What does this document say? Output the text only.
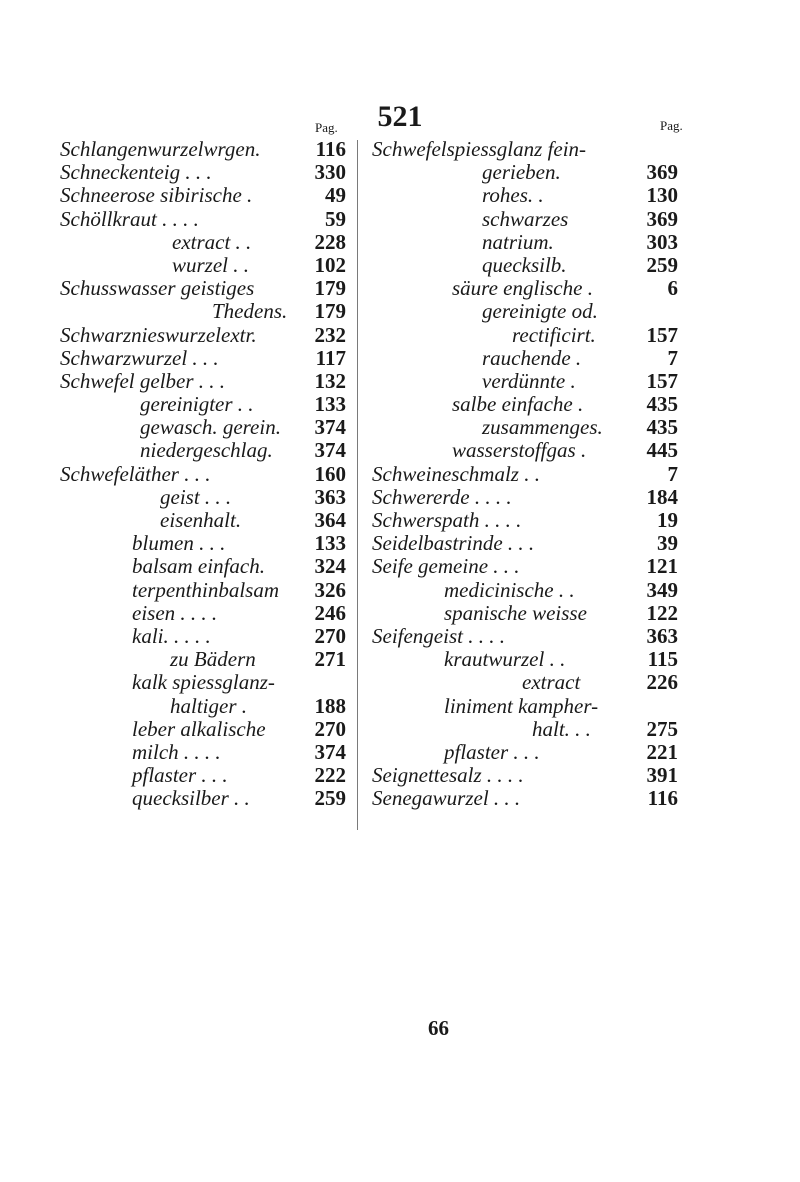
521
Pag.	Pag.
Schlangenwurzelwrgen.	116
Schneckenteig . . .	330
Schneerose sibirische .	49
Schöllkraut . . . .	59
extract . .	228
wurzel . .	102
Schusswasser geistiges	179
Thedens. 179
Schwarznieswurzelextr.	232
Schwarzwurzel . . .	117
Schwefel gelber . . .	132
gereinigter . .	133
gewasch. gerein. 374
niedergeschlag. 374
Schwefeläther . . .	160
geist . . .	363
eisenhalt.	364
blumen . . .	133
balsam einfach. 324
terpenthinbalsam 326
eisen . . . .	246
kali. . . . .	270
zu Bädern	271
kalk spiessglanz-
haltiger .	188
leber alkalische 270
milch . . . .	374
pflaster . . .	222
quecksilber . .	259
Schwefelspiessglanz fein-
gerieben.	369
rohes. .	130
schwarzes	369
natrium.	303
quecksilb.	259
säure englische .	6
gereinigte od.
rectificirt. 157
rauchende .	7
verdünnte .	157
salbe einfache .	435
zusammenges. 435
wasserstoffgas .	445
Schweineschmalz . .	7
Schwererde . . . .	184
Schwerspath . . . .	19
Seidelbastrinde . . .	39
Seife gemeine . . .	121
medicinische . .	349
spanische weisse	122
Seifengeist . . . .	363
krautwurzel . .	115
extract	226
liniment kampher-
halt. . .	275
pflaster . . .	221
Seignettesalz . . . .	391
Senegawurzel . . .	116
66
